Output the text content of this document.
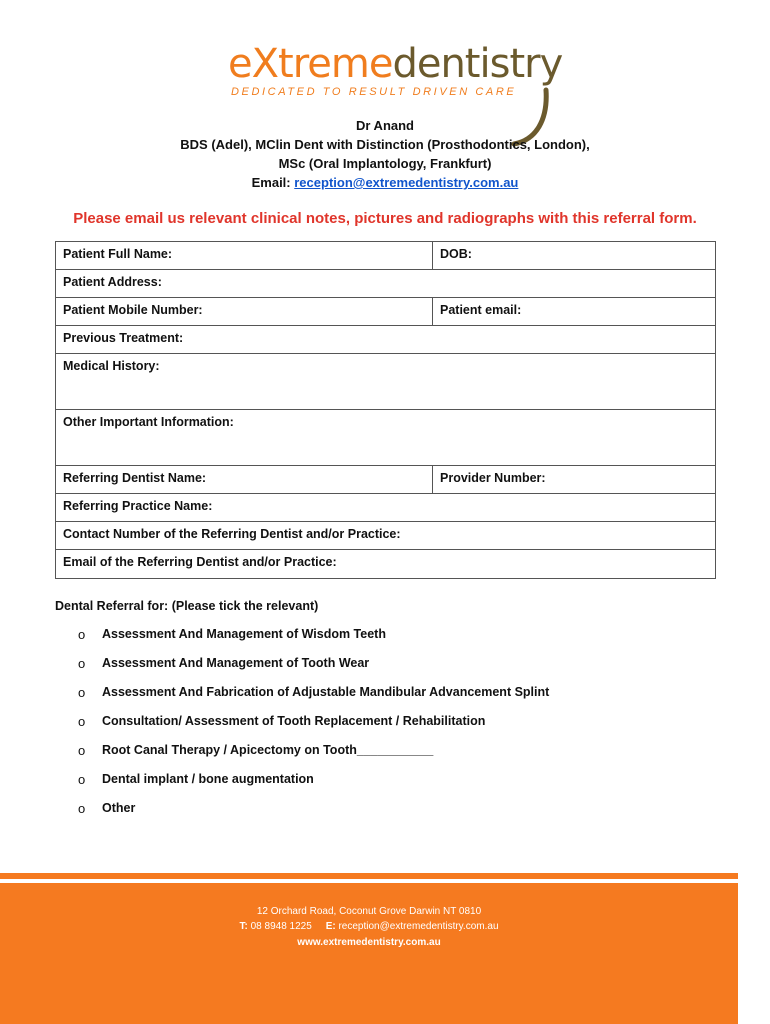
eXtremedentistry
DEDICATED TO RESULT DRIVEN CARE
Dr Anand
BDS (Adel), MClin Dent with Distinction (Prosthodontics, London),
MSc (Oral Implantology, Frankfurt)
Email: reception@extremedentistry.com.au
Please email us relevant clinical notes, pictures and radiographs with this referral form.
Patient Full Name:	DOB:
Patient Address:
Patient Mobile Number:	Patient email:
Previous Treatment:
Medical History:
Other Important Information:
Referring Dentist Name:	Provider Number:
Referring Practice Name:
Contact Number of the Referring Dentist and/or Practice:
Email of the Referring Dentist and/or Practice:
Dental Referral for: (Please tick the relevant)
o	Assessment And Management of Wisdom Teeth
o	Assessment And Management of Tooth Wear
o	Assessment And Fabrication of Adjustable Mandibular Advancement Splint
o	Consultation/ Assessment of Tooth Replacement / Rehabilitation
o	Root Canal Therapy / Apicectomy on Tooth___________
o	Dental implant / bone augmentation
o	Other
12 Orchard Road, Coconut Grove Darwin NT 0810
T: 08 8948 1225 E: reception@extremedentistry.com.au
www.extremedentistry.com.au
